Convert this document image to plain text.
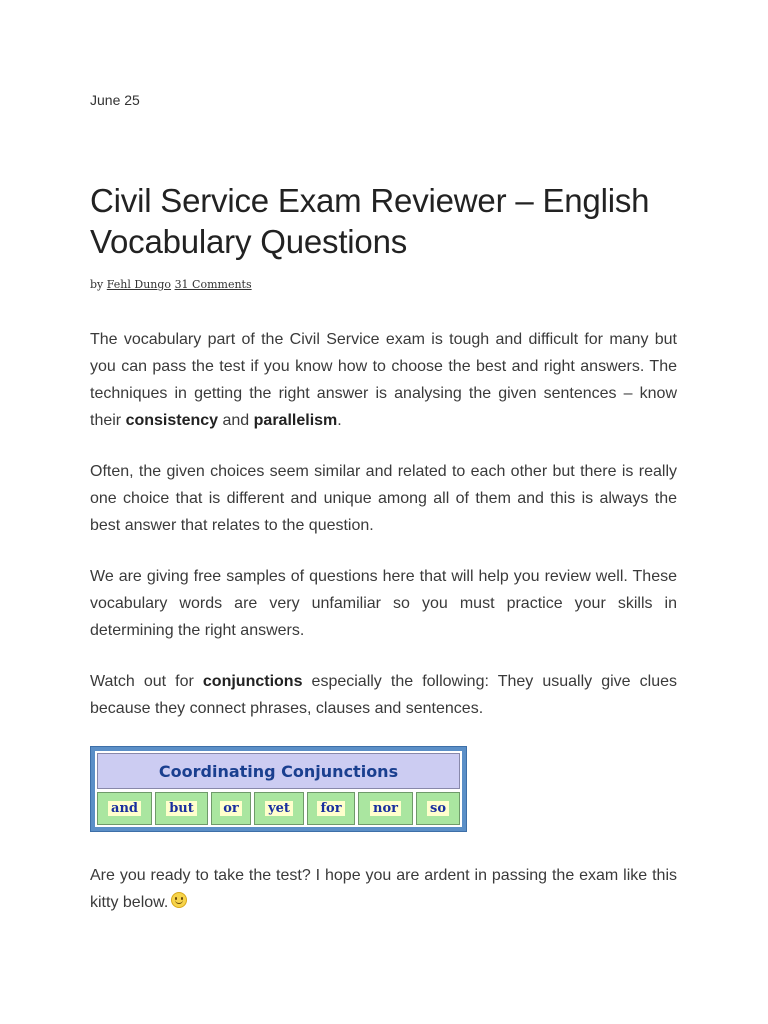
June 25
Civil Service Exam Reviewer – English Vocabulary Questions
by Fehl Dungo 31 Comments

The vocabulary part of the Civil Service exam is tough and difficult for many but you can pass the test if you know how to choose the best and right answers. The techniques in getting the right answer is analysing the given sentences – know their consistency and parallelism.

Often, the given choices seem similar and related to each other but there is really one choice that is different and unique among all of them and this is always the best answer that relates to the question.

We are giving free samples of questions here that will help you review well. These vocabulary words are very unfamiliar so you must practice your skills in determining the right answers.

Watch out for conjunctions especially the following: They usually give clues because they connect phrases, clauses and sentences.

Coordinating Conjunctions
and but or yet for nor so

Are you ready to take the test? I hope you are ardent in passing the exam like this kitty below.
